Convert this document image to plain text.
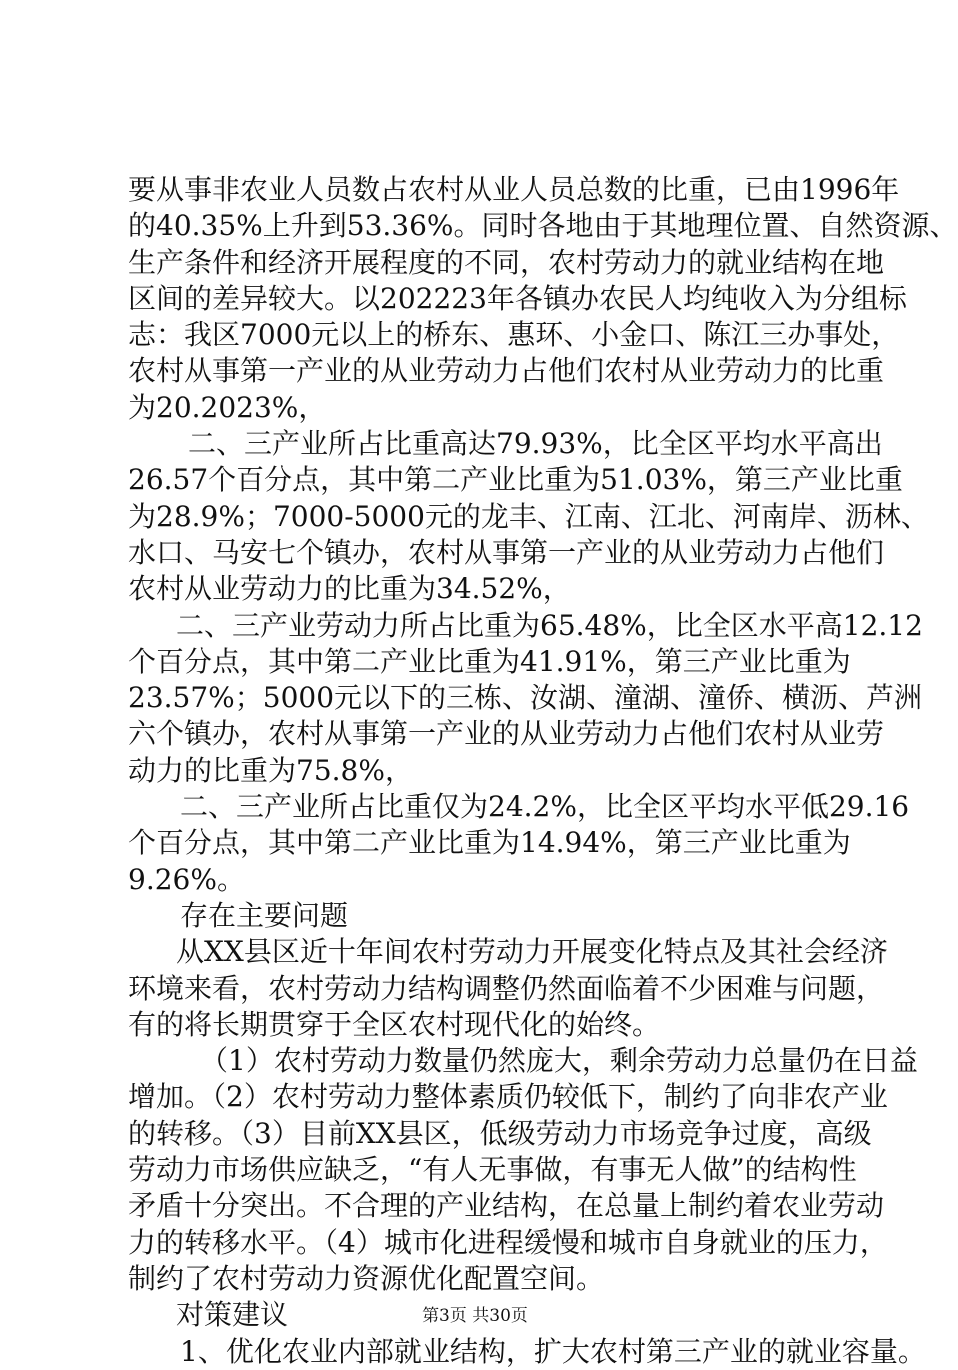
要从事非农业人员数占农村从业人员总数的比重，已由1996年

的40.35%上升到53.36%。同时各地由于其地理位置、自然资源、

生产条件和经济开展程度的不同，农村劳动力的就业结构在地

区间的差异较大。以202223年各镇办农民人均纯收入为分组标

志：我区7000元以上的桥东、惠环、小金口、陈江三办事处，

农村从事第一产业的从业劳动力占他们农村从业劳动力的比重

为20.2023%，

二、三产业所占比重高达79.93%，比全区平均水平高出

26.57个百分点，其中第二产业比重为51.03%，第三产业比重

为28.9%；7000-5000元的龙丰、江南、江北、河南岸、沥林、

水口、马安七个镇办，农村从事第一产业的从业劳动力占他们

农村从业劳动力的比重为34.52%，

二、三产业劳动力所占比重为65.48%，比全区水平高12.12

个百分点，其中第二产业比重为41.91%，第三产业比重为

23.57%；5000元以下的三栋、汝湖、潼湖、潼侨、横沥、芦洲

六个镇办，农村从事第一产业的从业劳动力占他们农村从业劳

动力的比重为75.8%，

二、三产业所占比重仅为24.2%，比全区平均水平低29.16

个百分点，其中第二产业比重为14.94%，第三产业比重为

9.26%。

存在主要问题

从XX县区近十年间农村劳动力开展变化特点及其社会经济

环境来看，农村劳动力结构调整仍然面临着不少困难与问题，

有的将长期贯穿于全区农村现代化的始终。

（1）农村劳动力数量仍然庞大，剩余劳动力总量仍在日益

增加。（2）农村劳动力整体素质仍较低下，制约了向非农产业

的转移。（3）目前XX县区，低级劳动力市场竞争过度，高级

劳动力市场供应缺乏，“有人无事做，有事无人做”的结构性

矛盾十分突出。不合理的产业结构，在总量上制约着农业劳动

力的转移水平。（4）城市化进程缓慢和城市自身就业的压力，

制约了农村劳动力资源优化配置空间。

对策建议

1、优化农业内部就业结构，扩大农村第三产业的就业容量。

第3页 共30页
